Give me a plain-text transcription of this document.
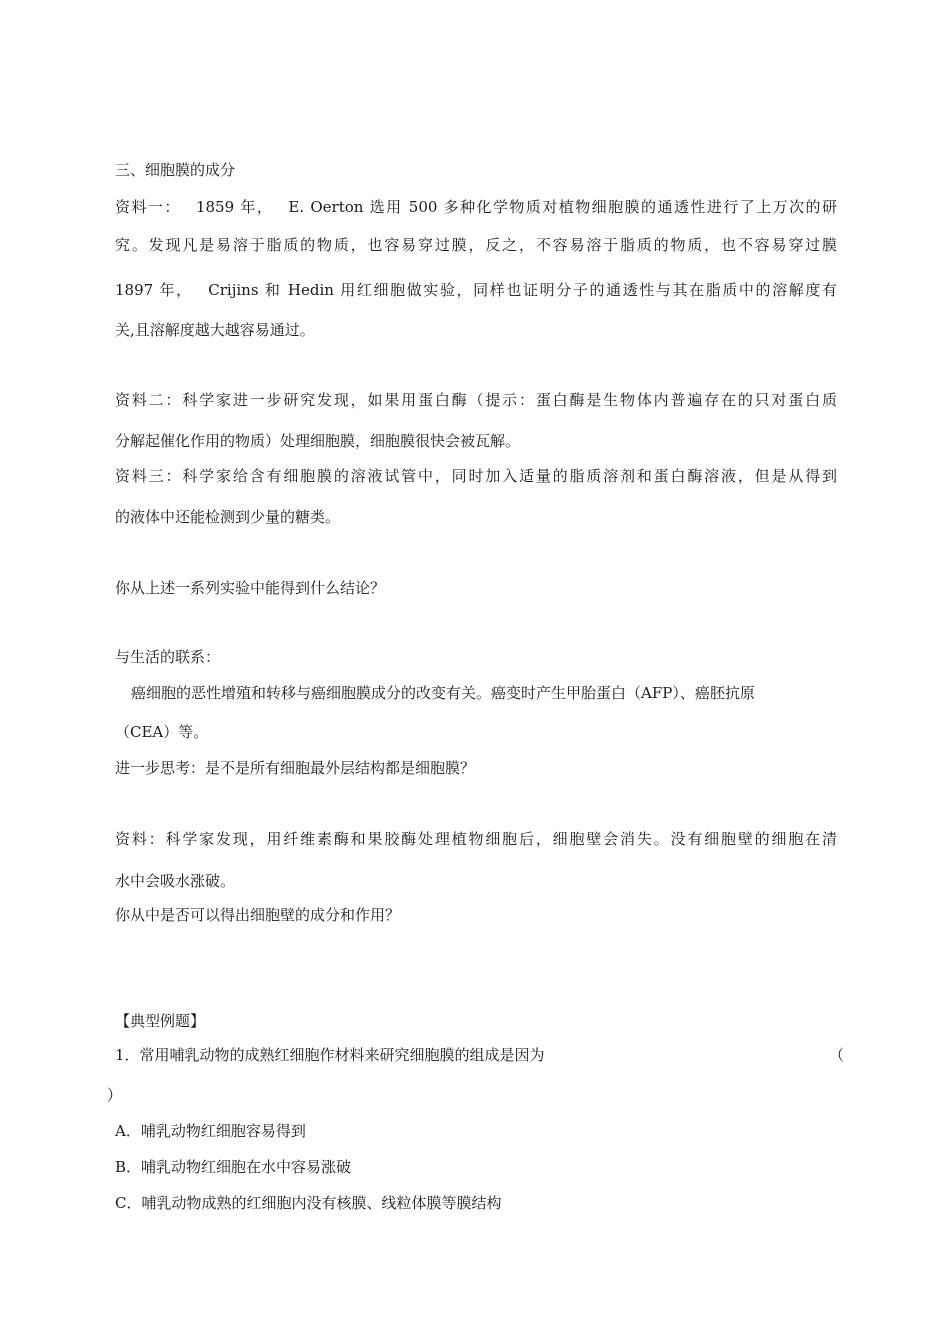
三、细胞膜的成分
资料一：　 1859 年，　 E. Oerton 选用 500 多种化学物质对植物细胞膜的通透性进行了上万次的研
究。发现凡是易溶于脂质的物质，也容易穿过膜，反之，不容易溶于脂质的物质，也不容易穿过膜
1897 年，　 Crijins 和 Hedin 用红细胞做实验，同样也证明分子的通透性与其在脂质中的溶解度有
关,且溶解度越大越容易通过。
资料二：科学家进一步研究发现，如果用蛋白酶（提示：蛋白酶是生物体内普遍存在的只对蛋白质
分解起催化作用的物质）处理细胞膜，细胞膜很快会被瓦解。
资料三：科学家给含有细胞膜的溶液试管中，同时加入适量的脂质溶剂和蛋白酶溶液，但是从得到
的液体中还能检测到少量的糖类。
你从上述一系列实验中能得到什么结论？
与生活的联系：
癌细胞的恶性增殖和转移与癌细胞膜成分的改变有关。癌变时产生甲胎蛋白（AFP）、癌胚抗原
（CEA）等。
进一步思考：是不是所有细胞最外层结构都是细胞膜？
资料：科学家发现，用纤维素酶和果胶酶处理植物细胞后，细胞壁会消失。没有细胞壁的细胞在清
水中会吸水涨破。
你从中是否可以得出细胞壁的成分和作用？
【典型例题】
1．常用哺乳动物的成熟红细胞作材料来研究细胞膜的组成是因为	（
）
A．哺乳动物红细胞容易得到
B．哺乳动物红细胞在水中容易涨破
C．哺乳动物成熟的红细胞内没有核膜、线粒体膜等膜结构
